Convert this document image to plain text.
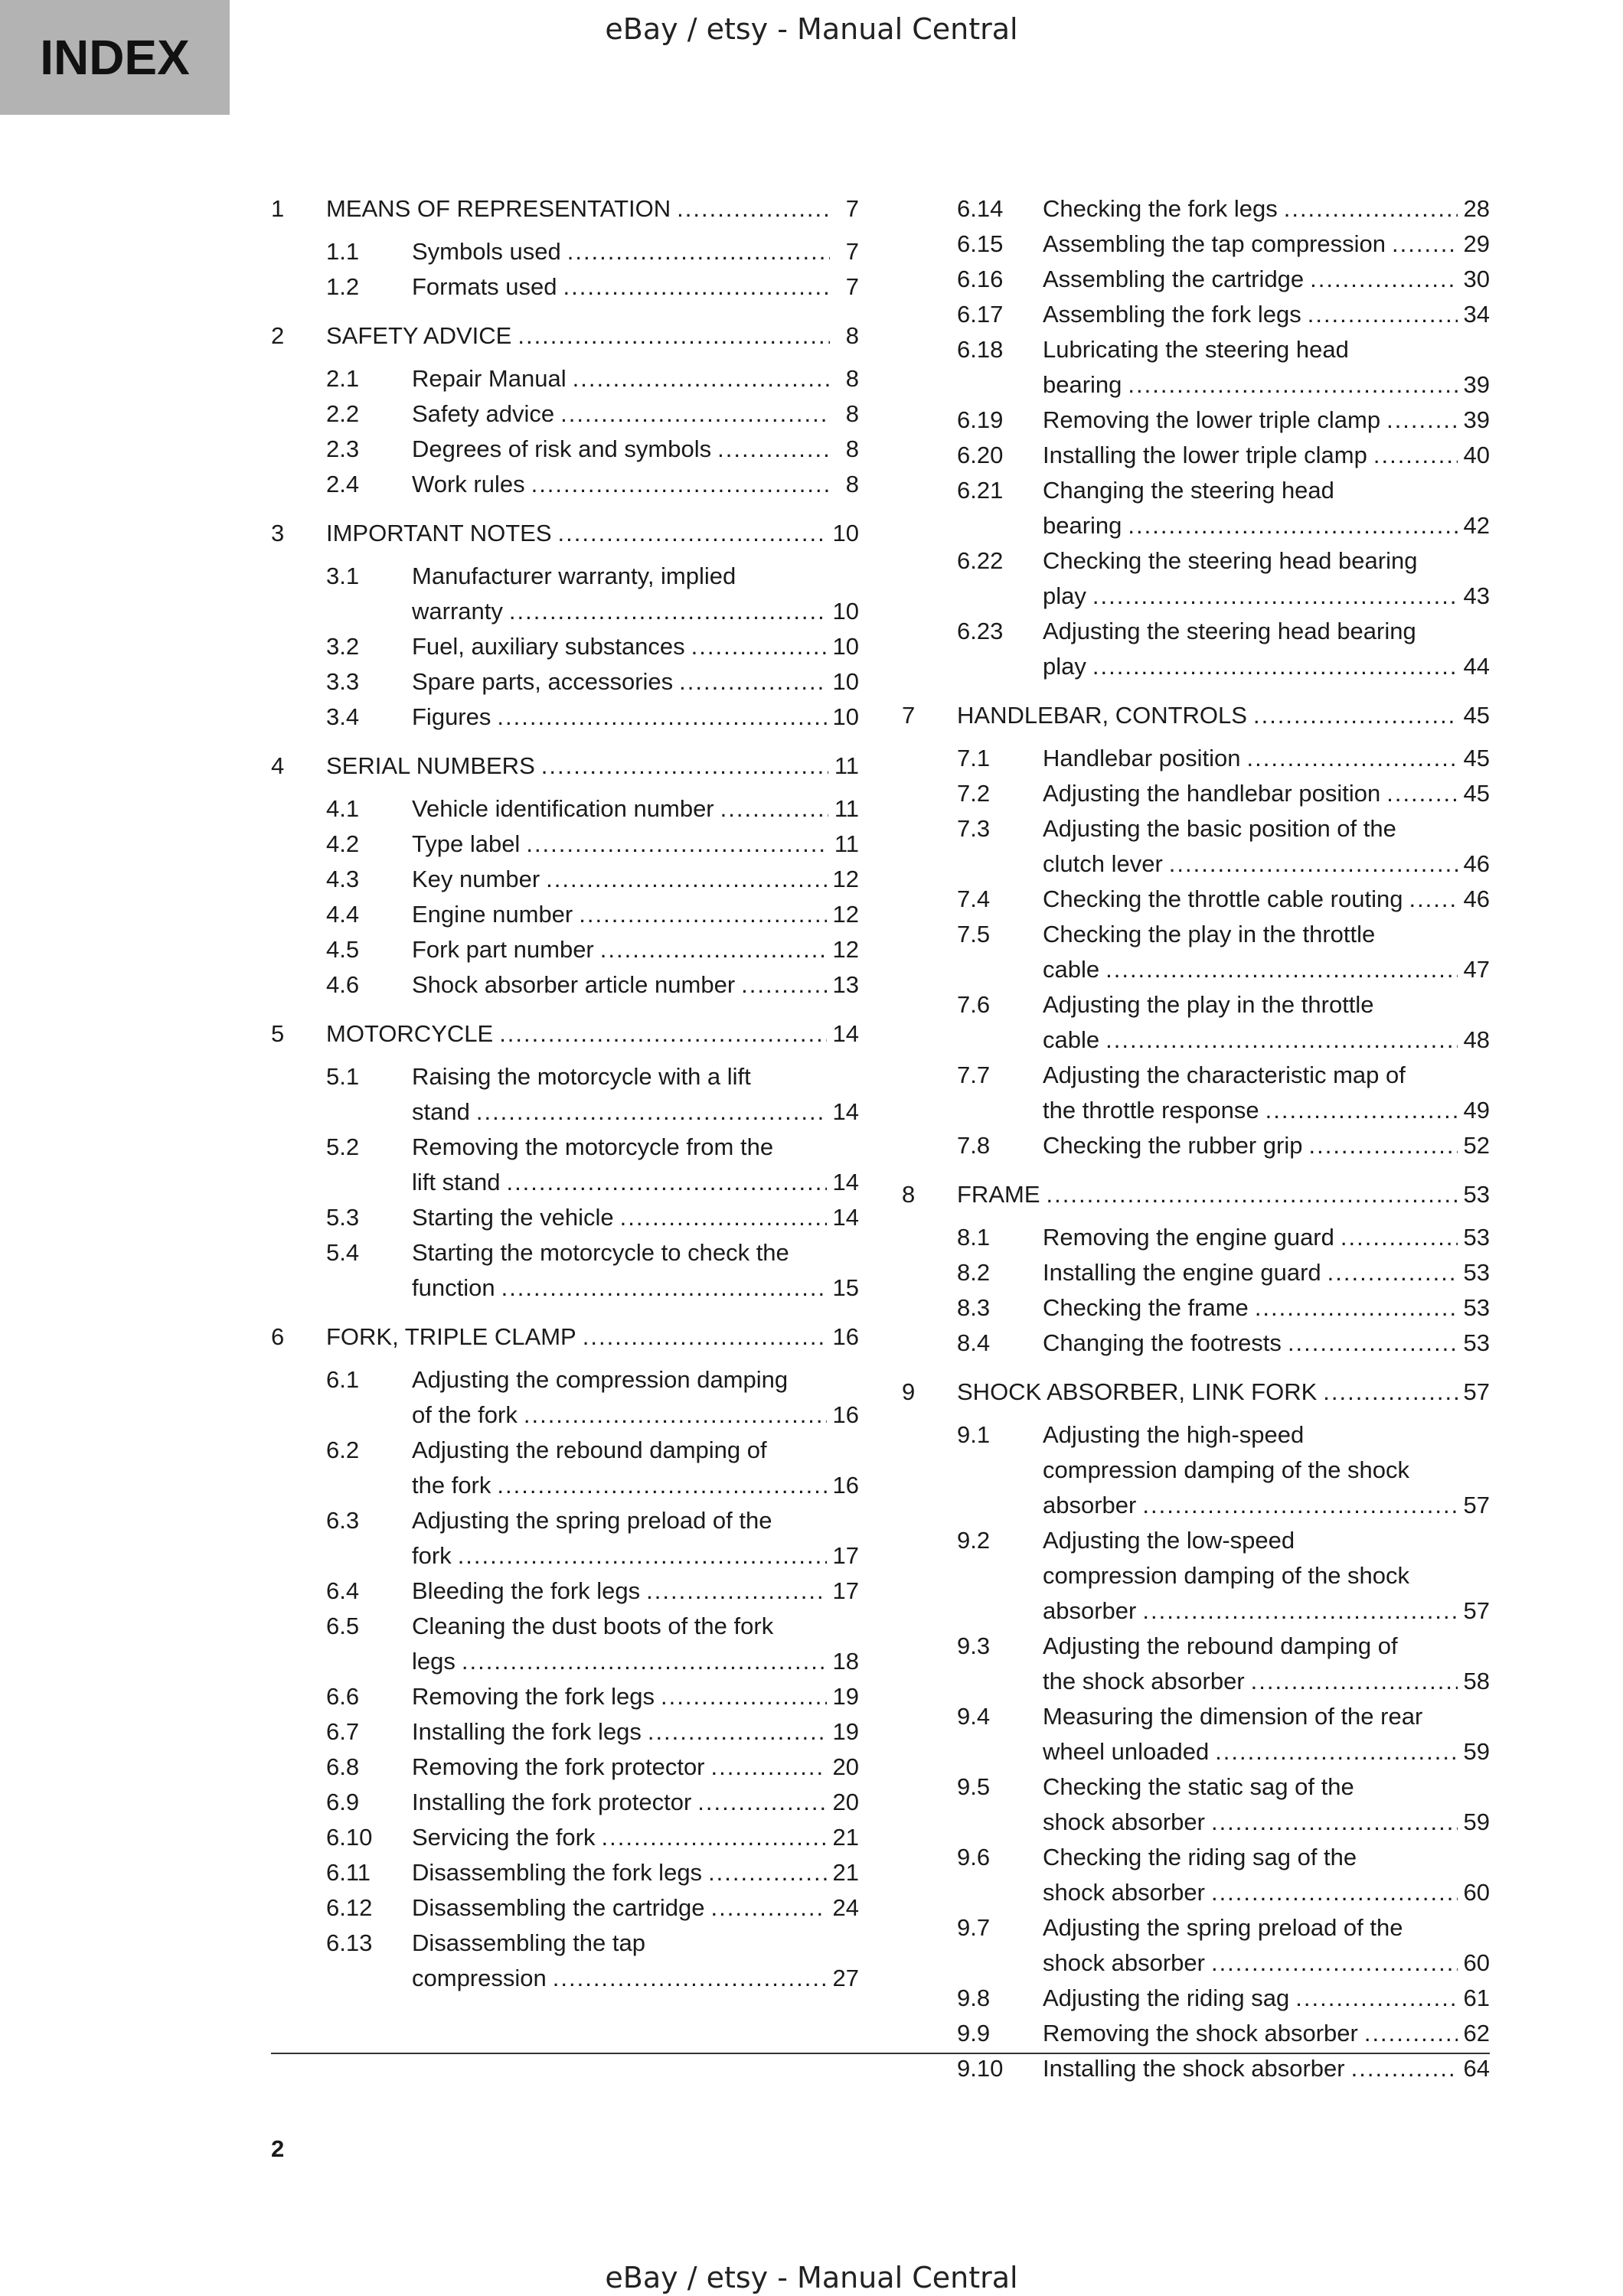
INDEX
eBay / etsy - Manual Central
1	MEANS OF REPRESENTATION .....	7
1.1	Symbols used .....	7
1.2	Formats used .....	7
2	SAFETY ADVICE .....	8
2.1	Repair Manual .....	8
2.2	Safety advice .....	8
2.3	Degrees of risk and symbols .....	8
2.4	Work rules .....	8
3	IMPORTANT NOTES .....	10
3.1	Manufacturer warranty, implied
warranty .....	10
3.2	Fuel, auxiliary substances .....	10
3.3	Spare parts, accessories .....	10
3.4	Figures .....	10
4	SERIAL NUMBERS .....	11
4.1	Vehicle identification number .....	11
4.2	Type label .....	11
4.3	Key number .....	12
4.4	Engine number .....	12
4.5	Fork part number .....	12
4.6	Shock absorber article number .....	13
5	MOTORCYCLE .....	14
5.1	Raising the motorcycle with a lift
stand .....	14
5.2	Removing the motorcycle from the
lift stand .....	14
5.3	Starting the vehicle .....	14
5.4	Starting the motorcycle to check the
function .....	15
6	FORK, TRIPLE CLAMP .....	16
6.1	Adjusting the compression damping
of the fork .....	16
6.2	Adjusting the rebound damping of
the fork .....	16
6.3	Adjusting the spring preload of the
fork .....	17
6.4	Bleeding the fork legs .....	17
6.5	Cleaning the dust boots of the fork
legs .....	18
6.6	Removing the fork legs .....	19
6.7	Installing the fork legs .....	19
6.8	Removing the fork protector .....	20
6.9	Installing the fork protector .....	20
6.10	Servicing the fork .....	21
6.11	Disassembling the fork legs .....	21
6.12	Disassembling the cartridge .....	24
6.13	Disassembling the tap
compression .....	27
6.14	Checking the fork legs .....	28
6.15	Assembling the tap compression .....	29
6.16	Assembling the cartridge .....	30
6.17	Assembling the fork legs .....	34
6.18	Lubricating the steering head
bearing .....	39
6.19	Removing the lower triple clamp .....	39
6.20	Installing the lower triple clamp .....	40
6.21	Changing the steering head
bearing .....	42
6.22	Checking the steering head bearing
play .....	43
6.23	Adjusting the steering head bearing
play .....	44
7	HANDLEBAR, CONTROLS .....	45
7.1	Handlebar position .....	45
7.2	Adjusting the handlebar position .....	45
7.3	Adjusting the basic position of the
clutch lever .....	46
7.4	Checking the throttle cable routing .....	46
7.5	Checking the play in the throttle
cable .....	47
7.6	Adjusting the play in the throttle
cable .....	48
7.7	Adjusting the characteristic map of
the throttle response .....	49
7.8	Checking the rubber grip .....	52
8	FRAME .....	53
8.1	Removing the engine guard .....	53
8.2	Installing the engine guard .....	53
8.3	Checking the frame .....	53
8.4	Changing the footrests .....	53
9	SHOCK ABSORBER, LINK FORK .....	57
9.1	Adjusting the high-speed
compression damping of the shock
absorber .....	57
9.2	Adjusting the low-speed
compression damping of the shock
absorber .....	57
9.3	Adjusting the rebound damping of
the shock absorber .....	58
9.4	Measuring the dimension of the rear
wheel unloaded .....	59
9.5	Checking the static sag of the
shock absorber .....	59
9.6	Checking the riding sag of the
shock absorber .....	60
9.7	Adjusting the spring preload of the
shock absorber .....	60
9.8	Adjusting the riding sag .....	61
9.9	Removing the shock absorber .....	62
9.10	Installing the shock absorber .....	64
2
eBay / etsy - Manual Central
